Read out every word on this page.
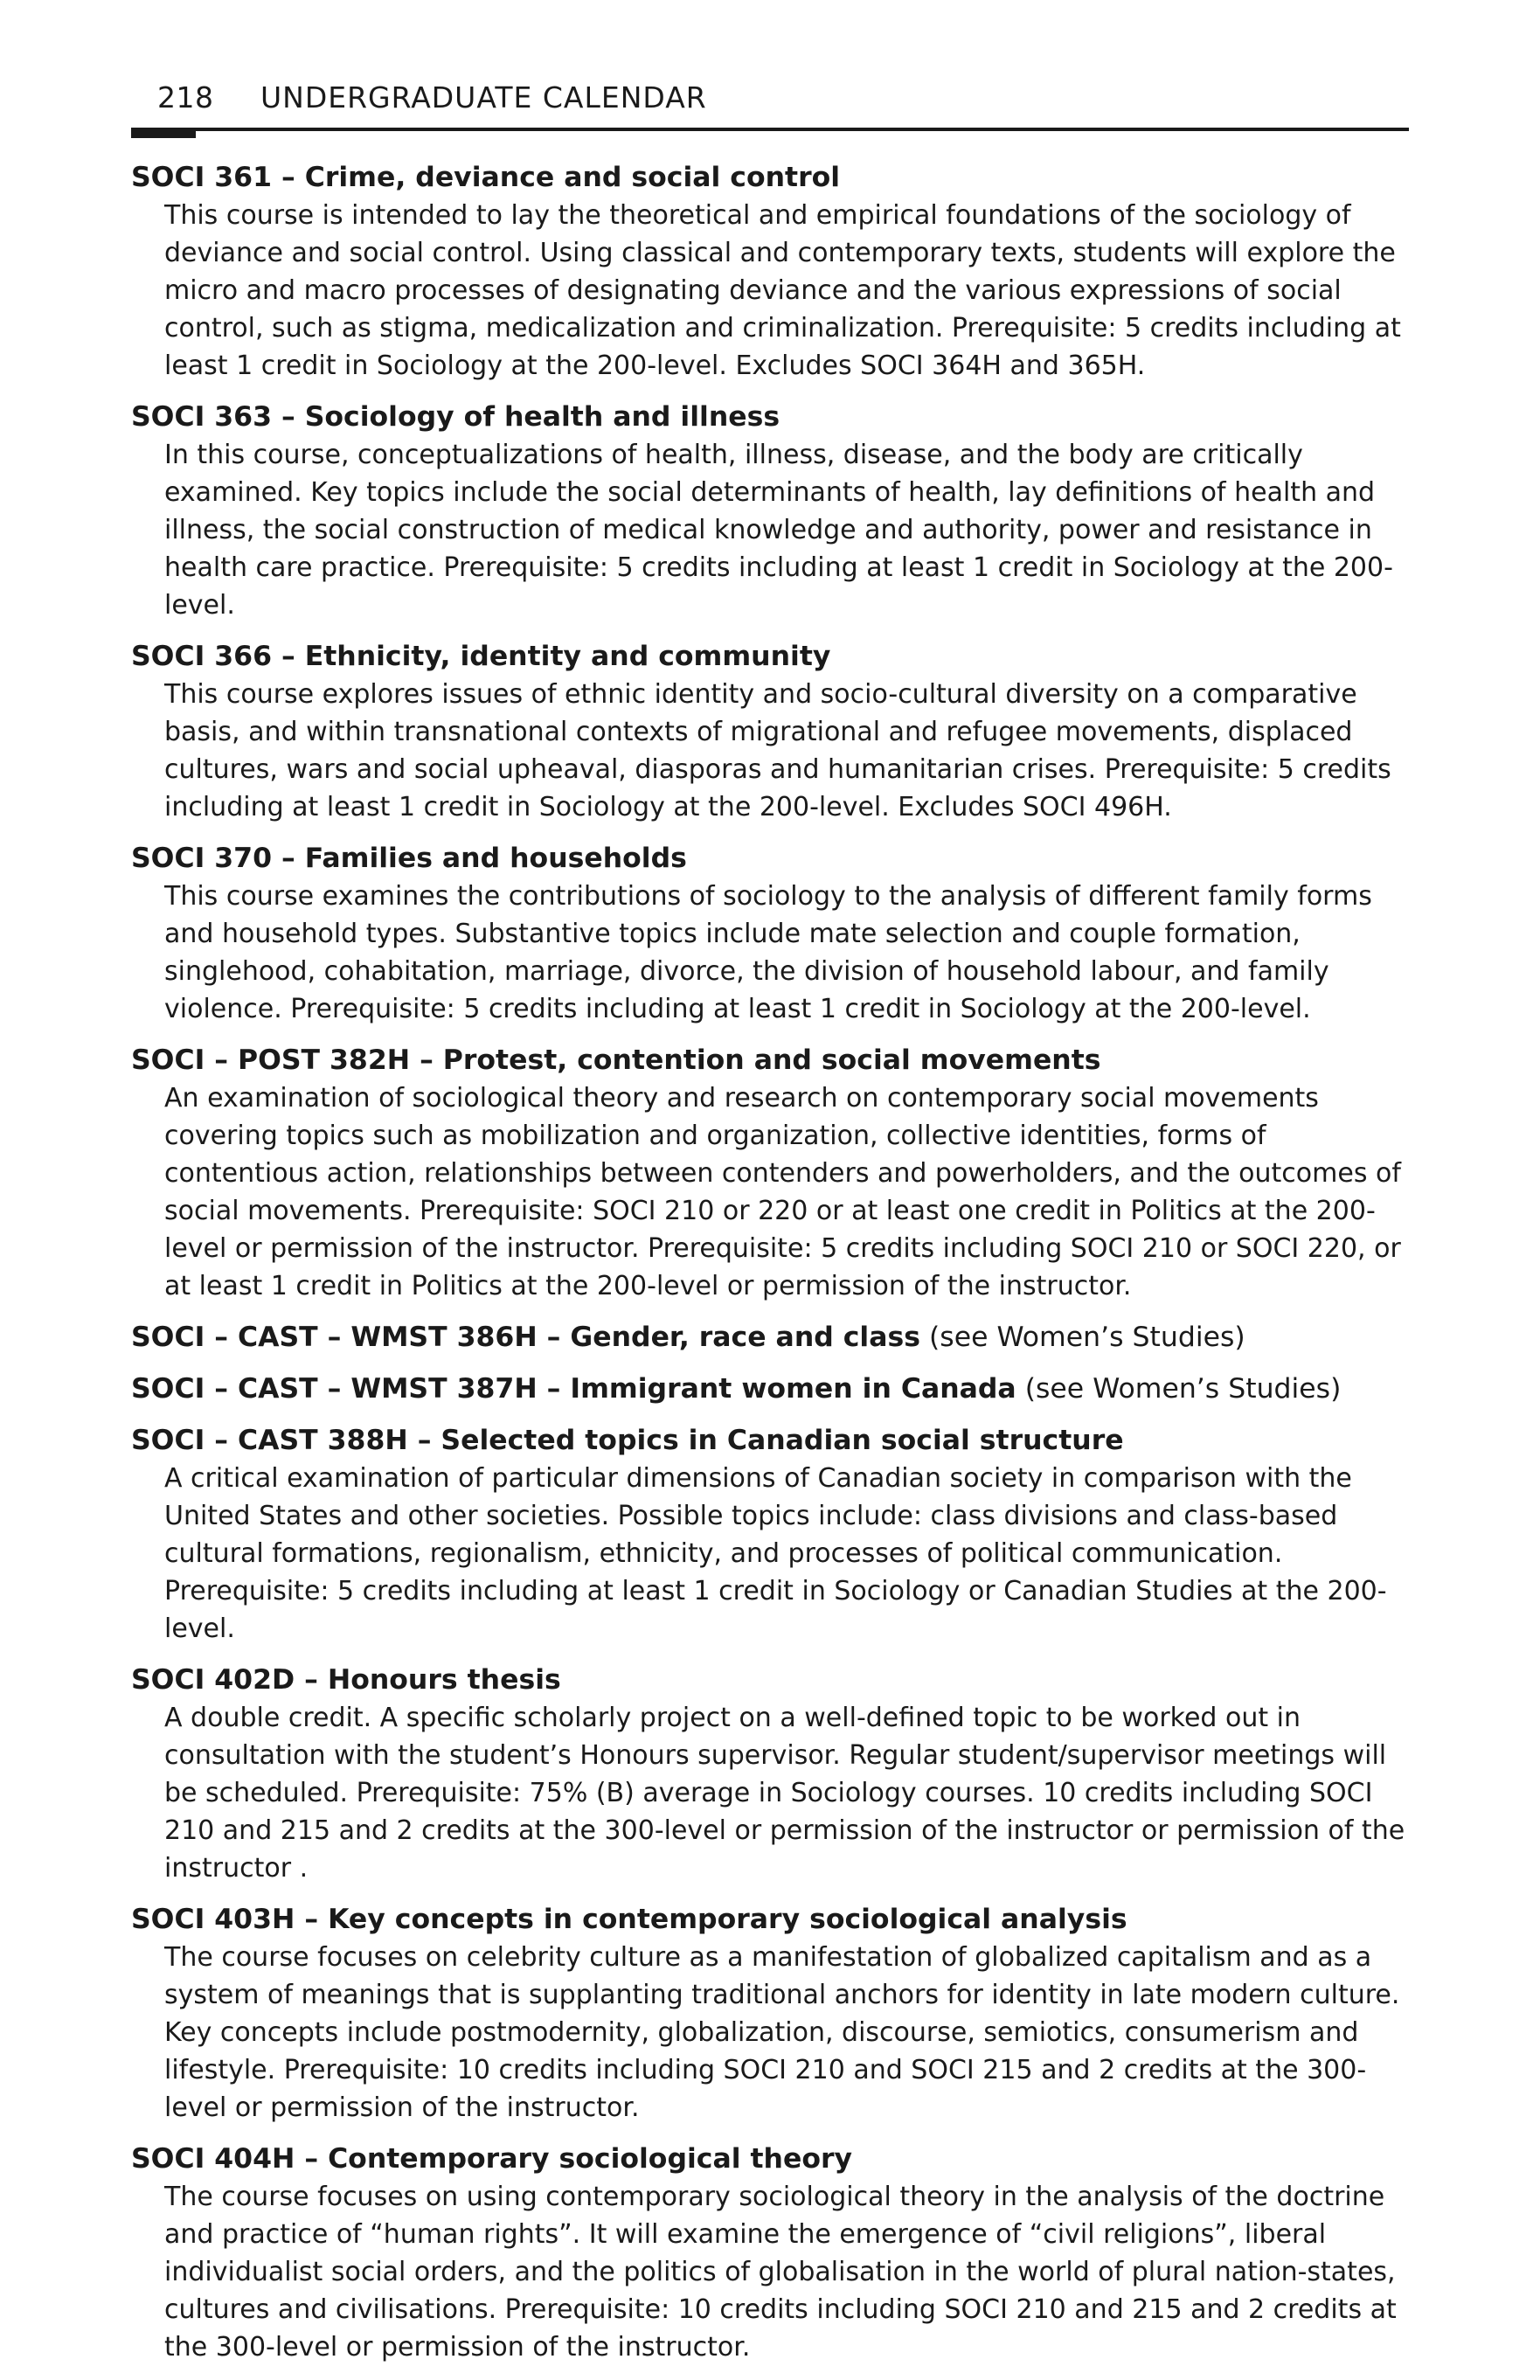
218 UNDERGRADUATE CALENDAR
SOCI 361 – Crime, deviance and social control
This course is intended to lay the theoretical and empirical foundations of the sociology of deviance and social control. Using classical and contemporary texts, students will explore the micro and macro processes of designating deviance and the various expressions of social control, such as stigma, medicalization and criminalization. Prerequisite: 5 credits including at least 1 credit in Sociology at the 200-level. Excludes SOCI 364H and 365H.
SOCI 363 – Sociology of health and illness
In this course, conceptualizations of health, illness, disease, and the body are critically examined. Key topics include the social determinants of health, lay definitions of health and illness, the social construction of medical knowledge and authority, power and resistance in health care practice. Prerequisite: 5 credits including at least 1 credit in Sociology at the 200-level.
SOCI 366 – Ethnicity, identity and community
This course explores issues of ethnic identity and socio-cultural diversity on a comparative basis, and within transnational contexts of migrational and refugee movements, displaced cultures, wars and social upheaval, diasporas and humanitarian crises. Prerequisite: 5 credits including at least 1 credit in Sociology at the 200-level. Excludes SOCI 496H.
SOCI 370 – Families and households
This course examines the contributions of sociology to the analysis of different family forms and household types. Substantive topics include mate selection and couple formation, singlehood, cohabitation, marriage, divorce, the division of household labour, and family violence. Prerequisite: 5 credits including at least 1 credit in Sociology at the 200-level.
SOCI – POST 382H – Protest, contention and social movements
An examination of sociological theory and research on contemporary social movements covering topics such as mobilization and organization, collective identities, forms of contentious action, relationships between contenders and powerholders, and the outcomes of social movements. Prerequisite: SOCI 210 or 220 or at least one credit in Politics at the 200-level or permission of the instructor. Prerequisite: 5 credits including SOCI 210 or SOCI 220, or at least 1 credit in Politics at the 200-level or permission of the instructor.
SOCI – CAST – WMST 386H – Gender, race and class (see Women’s Studies)
SOCI – CAST – WMST 387H – Immigrant women in Canada (see Women’s Studies)
SOCI – CAST 388H – Selected topics in Canadian social structure
A critical examination of particular dimensions of Canadian society in comparison with the United States and other societies. Possible topics include: class divisions and class-based cultural formations, regionalism, ethnicity, and processes of political communication. Prerequisite: 5 credits including at least 1 credit in Sociology or Canadian Studies at the 200-level.
SOCI 402D – Honours thesis
A double credit. A specific scholarly project on a well-defined topic to be worked out in consultation with the student’s Honours supervisor. Regular student/supervisor meetings will be scheduled. Prerequisite: 75% (B) average in Sociology courses. 10 credits including SOCI 210 and 215 and 2 credits at the 300-level or permission of the instructor or permission of the instructor .
SOCI 403H – Key concepts in contemporary sociological analysis
The course focuses on celebrity culture as a manifestation of globalized capitalism and as a system of meanings that is supplanting traditional anchors for identity in late modern culture. Key concepts include postmodernity, globalization, discourse, semiotics, consumerism and lifestyle. Prerequisite: 10 credits including SOCI 210 and SOCI 215 and 2 credits at the 300-level or permission of the instructor.
SOCI 404H – Contemporary sociological theory
The course focuses on using contemporary sociological theory in the analysis of the doctrine and practice of “human rights”. It will examine the emergence of “civil religions”, liberal individualist social orders, and the politics of globalisation in the world of plural nation-states, cultures and civilisations. Prerequisite: 10 credits including SOCI 210 and 215 and 2 credits at the 300-level or permission of the instructor.
